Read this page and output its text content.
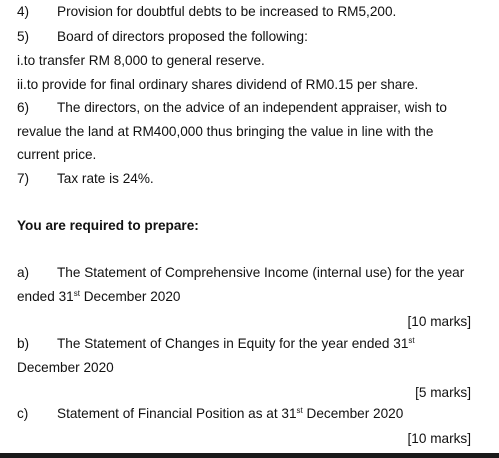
4) Provision for doubtful debts to be increased to RM5,200.
5) Board of directors proposed the following:
i.to transfer RM 8,000 to general reserve.
ii.to provide for final ordinary shares dividend of RM0.15 per share.
6) The directors, on the advice of an independent appraiser, wish to
revalue the land at RM400,000 thus bringing the value in line with the
current price.
7) Tax rate is 24%.
You are required to prepare:
a) The Statement of Comprehensive Income (internal use) for the year
ended 31st December 2020
[10 marks]
b) The Statement of Changes in Equity for the year ended 31st
December 2020
[5 marks]
c) Statement of Financial Position as at 31st December 2020
[10 marks]
